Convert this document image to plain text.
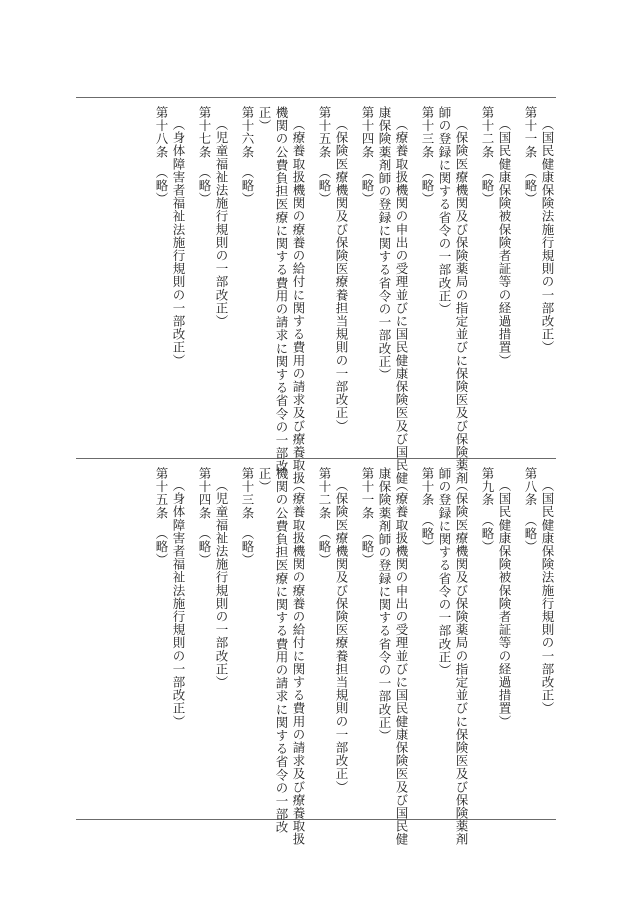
（国民健康保険法施行規則の一部改正）
第十一条（略）
（国民健康保険被保険者証等の経過措置）
第十二条（略）
（保険医療機関及び保険薬局の指定並びに保険医及び保険薬剤
師の登録に関する省令の一部改正）
第十三条（略）
（療養取扱機関の申出の受理並びに国民健康保険医及び国民健
康保険薬剤師の登録に関する省令の一部改正）
第十四条（略）
（保険医療機関及び保険医療養担当規則の一部改正）
第十五条（略）
（療養取扱機関の療養の給付に関する費用の請求及び療養取扱
機関の公費負担医療に関する費用の請求に関する省令の一部改
正）
第十六条（略）
（児童福祉法施行規則の一部改正）
第十七条（略）
（身体障害者福祉法施行規則の一部改正）
第十八条（略）
（国民健康保険法施行規則の一部改正）
第八条（略）
（国民健康保険被保険者証等の経過措置）
第九条（略）
（保険医療機関及び保険薬局の指定並びに保険医及び保険薬剤
師の登録に関する省令の一部改正）
第十条（略）
（療養取扱機関の申出の受理並びに国民健康保険医及び国民健
康保険薬剤師の登録に関する省令の一部改正）
第十一条（略）
（保険医療機関及び保険医療養担当規則の一部改正）
第十二条（略）
（療養取扱機関の療養の給付に関する費用の請求及び療養取扱
機関の公費負担医療に関する費用の請求に関する省令の一部改
正）
第十三条（略）
（児童福祉法施行規則の一部改正）
第十四条（略）
（身体障害者福祉法施行規則の一部改正）
第十五条（略）
